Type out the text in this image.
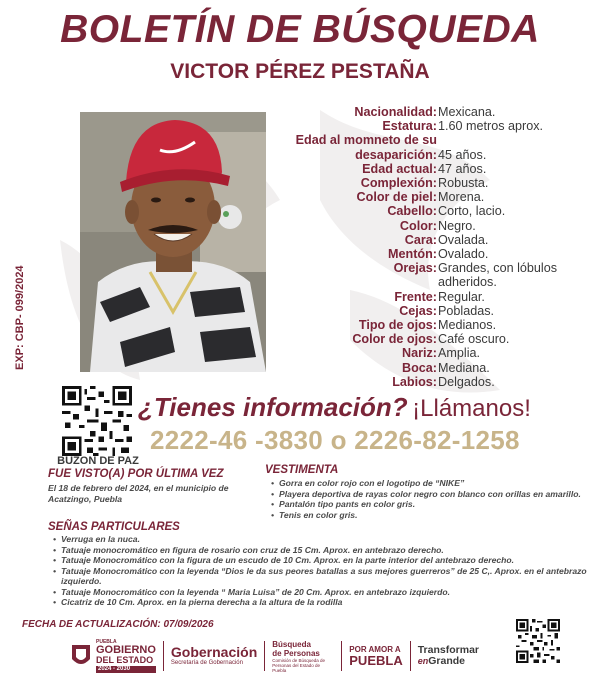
BOLETÍN DE BÚSQUEDA
VICTOR PÉREZ PESTAÑA
EXP: CBP- 099/2024
Nacionalidad: Mexicana.
Estatura: 1.60 metros aprox.
Edad al momneto de su
desaparición: 45 años.
Edad actual: 47 años.
Complexión: Robusta.
Color de piel: Morena.
Cabello: Corto, lacio.
Color: Negro.
Cara: Ovalada.
Mentón: Ovalado.
Orejas: Grandes, con lóbulos
adheridos.
Frente: Regular.
Cejas: Pobladas.
Tipo de ojos: Medianos.
Color de ojos: Café oscuro.
Nariz: Amplia.
Boca: Mediana.
Labios: Delgados.
BUZON DE PAZ
¿Tienes información? ¡Llámanos!
2222-46 -3830 o 2226-82-1258
FUE VISTO(A) POR ÚLTIMA VEZ
El 18 de febrero del 2024, en el municipio de Acatzingo, Puebla
VESTIMENTA
• Gorra en color rojo con el logotipo de “NIKE”
• Playera deportiva de rayas color negro con blanco con orillas en amarillo.
• Pantalón tipo pants en color gris.
• Tenis en color gris.
SEÑAS PARTICULARES
• Verruga en la nuca.
• Tatuaje monocromático en figura de rosario con cruz de 15 Cm. Aprox. en antebrazo derecho.
• Tatuaje Monocromático con la figura de un escudo de 10 Cm. Aprox. en la parte interior del antebrazo derecho.
• Tatuaje Monocromático con la leyenda “Dios le da sus peores batallas a sus mejores guerreros” de 25 C,. Aprox. en el antebrazo izquierdo.
• Tatuaje Monocromático con la leyenda “ Maria Luisa” de 20 Cm. Aprox. en antebrazo izquierdo.
• Cicatriz de 10 Cm. Aprox. en la pierna derecha a la altura de la rodilla
FECHA DE ACTUALIZACIÓN: 07/09/2026
PUEBLA
GOBIERNO
DEL ESTADO
2024 - 2030
Gobernación
Secretaría de Gobernación
Búsqueda
de Personas
Comisión de Búsqueda de Personas del Estado de Puebla
POR AMOR A
PUEBLA
Transformar
enGrande
